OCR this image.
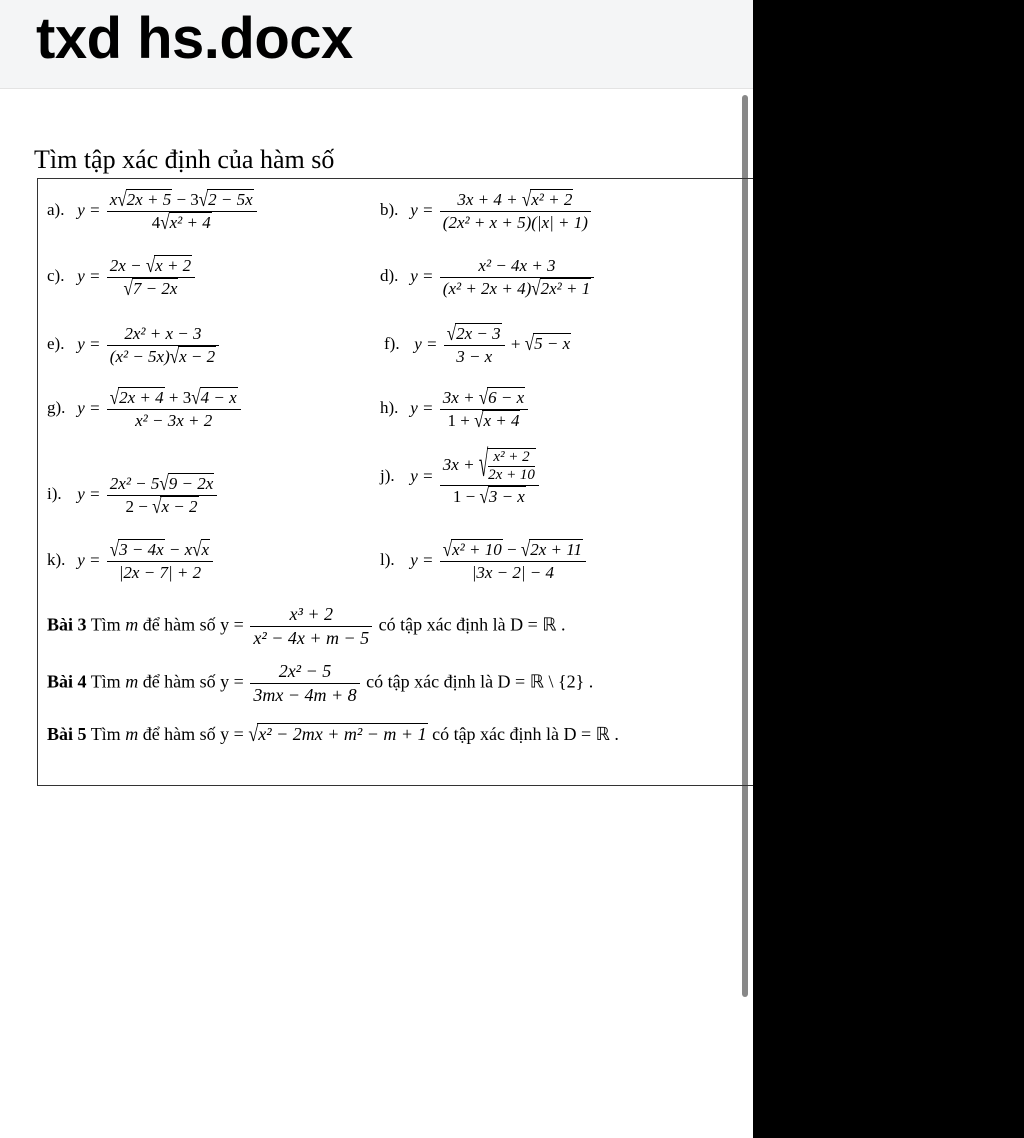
txd hs.docx
Tìm tập xác định của hàm số
a). $y = \frac{x√2x + 5 - 3√2 - 5x}{\text{4√x² + 4}}$	b). $y = \frac{\text{3x + 4 + √x² + 2}}{\text{(2x² + x + 5)(|x| + 1)}}$
c). $y = \frac{2x - √x + 2}{√7 - 2x}$	d). $y = \frac{\text{x² − 4x + 3}}{\text{(x² + 2x + 4)√2x² + 1}}$
e). $y = \frac{\text{2x² + x − 3}}{\text{(x² − 5x)√x − 2}}$	f). $y = \frac{√2x - 3}{3 - x} + √5 - x$
g). $y = \frac{√2x + 4 + 3√4 - x}{\text{x² − 3x + 2}}$	h). $y = \frac{3x + √6 - x}{1 + √x + 4}$
i). $y = \frac{\text{2x² − 5√9 − 2x}}{2 - √x - 2}$	j). $y = \frac{3x + √ \frac{\text{x² + 2}}{2x + 10}}{1 - √3 - x}$
k). $y = \frac{√3 - 4x - x√x}{|2x - 7| + 2}$	l). $y = \frac{\text{√x² + 10 − √2x + 11}}{|3x - 2| - 4}$
Bài 3 Tìm m để hàm số $y = \frac{\text{x³ + 2}}{\text{x² − 4x + m − 5}}$ có tập xác định là D = ℝ .
Bài 4 Tìm m để hàm số $y = \frac{\text{2x² − 5}}{3mx - 4m + 8}$ có tập xác định là D = ℝ \ {2} .
Bài 5 Tìm m để hàm số y = √x² − 2mx + m² − m + 1 có tập xác định là D = ℝ .
